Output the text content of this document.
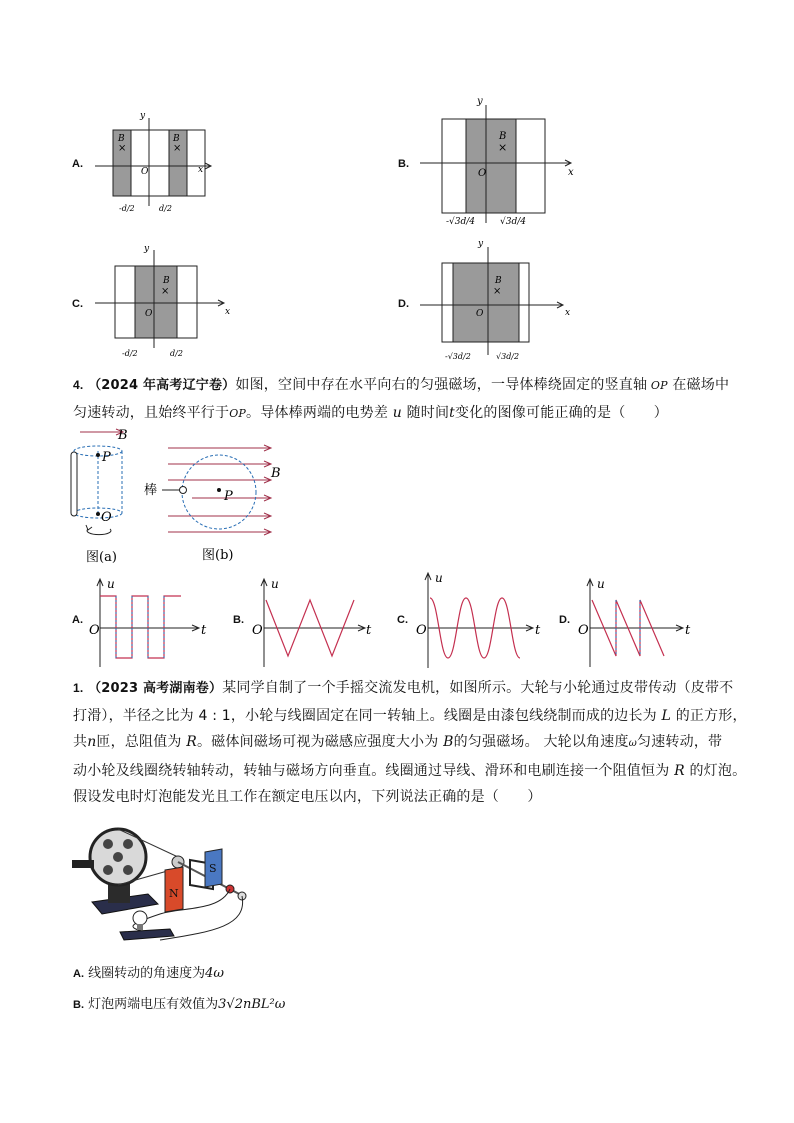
A.	x
y
O
B
×
B
×
-d/2	d/2
B.
x
y
O
B
×
-√3d/4	√3d/4
C.
x
y
O
B
×
-d/2	d/2
D.
x
y
O
B
×
-√3d/2	√3d/2
4. （2024 年高考辽宁卷）如图，空间中存在水平向右的匀强磁场，一导体棒绕固定的竖直轴 OP 在磁场中
匀速转动，且始终平行于OP。导体棒两端的电势差 u 随时间t变化的图像可能正确的是（　　）
B
P
O
图(a)
B
棒	P
图(b)
A.
u
t
O
B.
u
t
O
C.
u
t
O
D.
u
t
O
1. （2023 高考湖南卷）某同学自制了一个手摇交流发电机，如图所示。大轮与小轮通过皮带传动（皮带不
打滑），半径之比为 4 : 1，小轮与线圈固定在同一转轴上。线圈是由漆包线绕制而成的边长为 L 的正方形，
共n匝，总阻值为 R。磁体间磁场可视为磁感应强度大小为 B的匀强磁场。 大轮以角速度ω匀速转动，带
动小轮及线圈绕转轴转动，转轴与磁场方向垂直。线圈通过导线、滑环和电刷连接一个阻值恒为 R 的灯泡。
假设发电时灯泡能发光且工作在额定电压以内，下列说法正确的是（　　）
N
S
A. 线圈转动的角速度为4ω
B. 灯泡两端电压有效值为3√2nBL²ω
